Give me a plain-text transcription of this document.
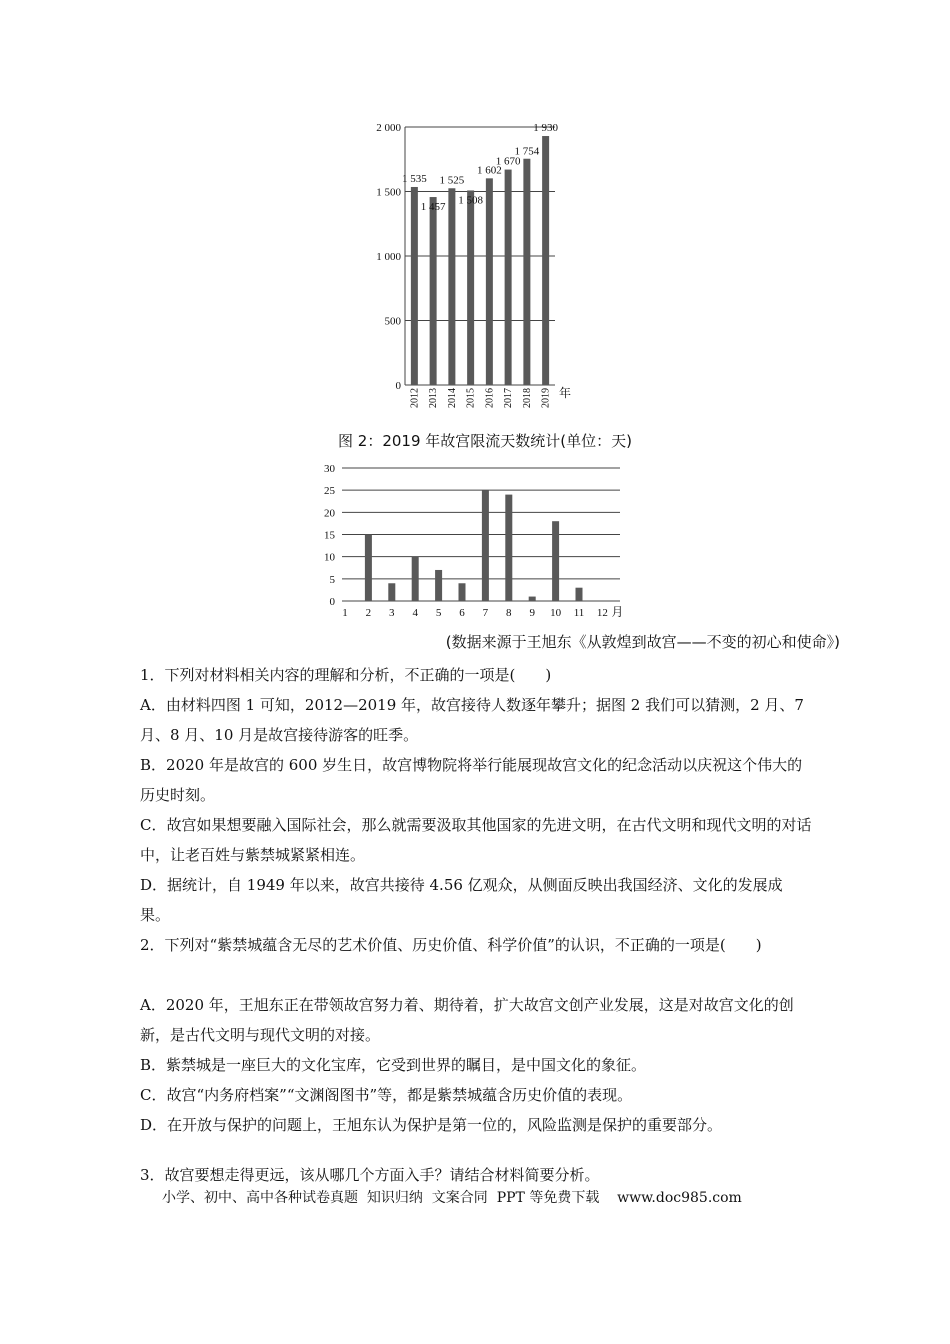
0
500
1 000
1 500
2 000
1 535
2012
1 457
2013
1 525
2014
1 508
2015
1 602
2016
1 670
2017
1 754
2018
1 930
2019 年
图 2：2019 年故宫限流天数统计(单位：天)
0
5
10
15
20
25
30
1 2 3 4 5 6 7 8 9 10 11 12 月
(数据来源于王旭东《从敦煌到故宫——不变的初心和使命》)
1．下列对材料相关内容的理解和分析，不正确的一项是(　　)
A．由材料四图 1 可知，2012—2019 年，故宫接待人数逐年攀升；据图 2 我们可以猜测，2 月、7 月、8 月、10 月是故宫接待游客的旺季。
B．2020 年是故宫的 600 岁生日，故宫博物院将举行能展现故宫文化的纪念活动以庆祝这个伟大的历史时刻。
C．故宫如果想要融入国际社会，那么就需要汲取其他国家的先进文明，在古代文明和现代文明的对话中，让老百姓与紫禁城紧紧相连。
D．据统计，自 1949 年以来，故宫共接待 4.56 亿观众，从侧面反映出我国经济、文化的发展成果。
2．下列对“紫禁城蕴含无尽的艺术价值、历史价值、科学价值”的认识，不正确的一项是(　　)
A．2020 年，王旭东正在带领故宫努力着、期待着，扩大故宫文创产业发展，这是对故宫文化的创新，是古代文明与现代文明的对接。
B．紫禁城是一座巨大的文化宝库，它受到世界的瞩目，是中国文化的象征。
C．故宫“内务府档案”“文渊阁图书”等，都是紫禁城蕴含历史价值的表现。
D．在开放与保护的问题上，王旭东认为保护是第一位的，风险监测是保护的重要部分。
3．故宫要想走得更远，该从哪几个方面入手？请结合材料简要分析。
小学、初中、高中各种试卷真题  知识归纳  文案合同  PPT 等免费下载    www.doc985.com
